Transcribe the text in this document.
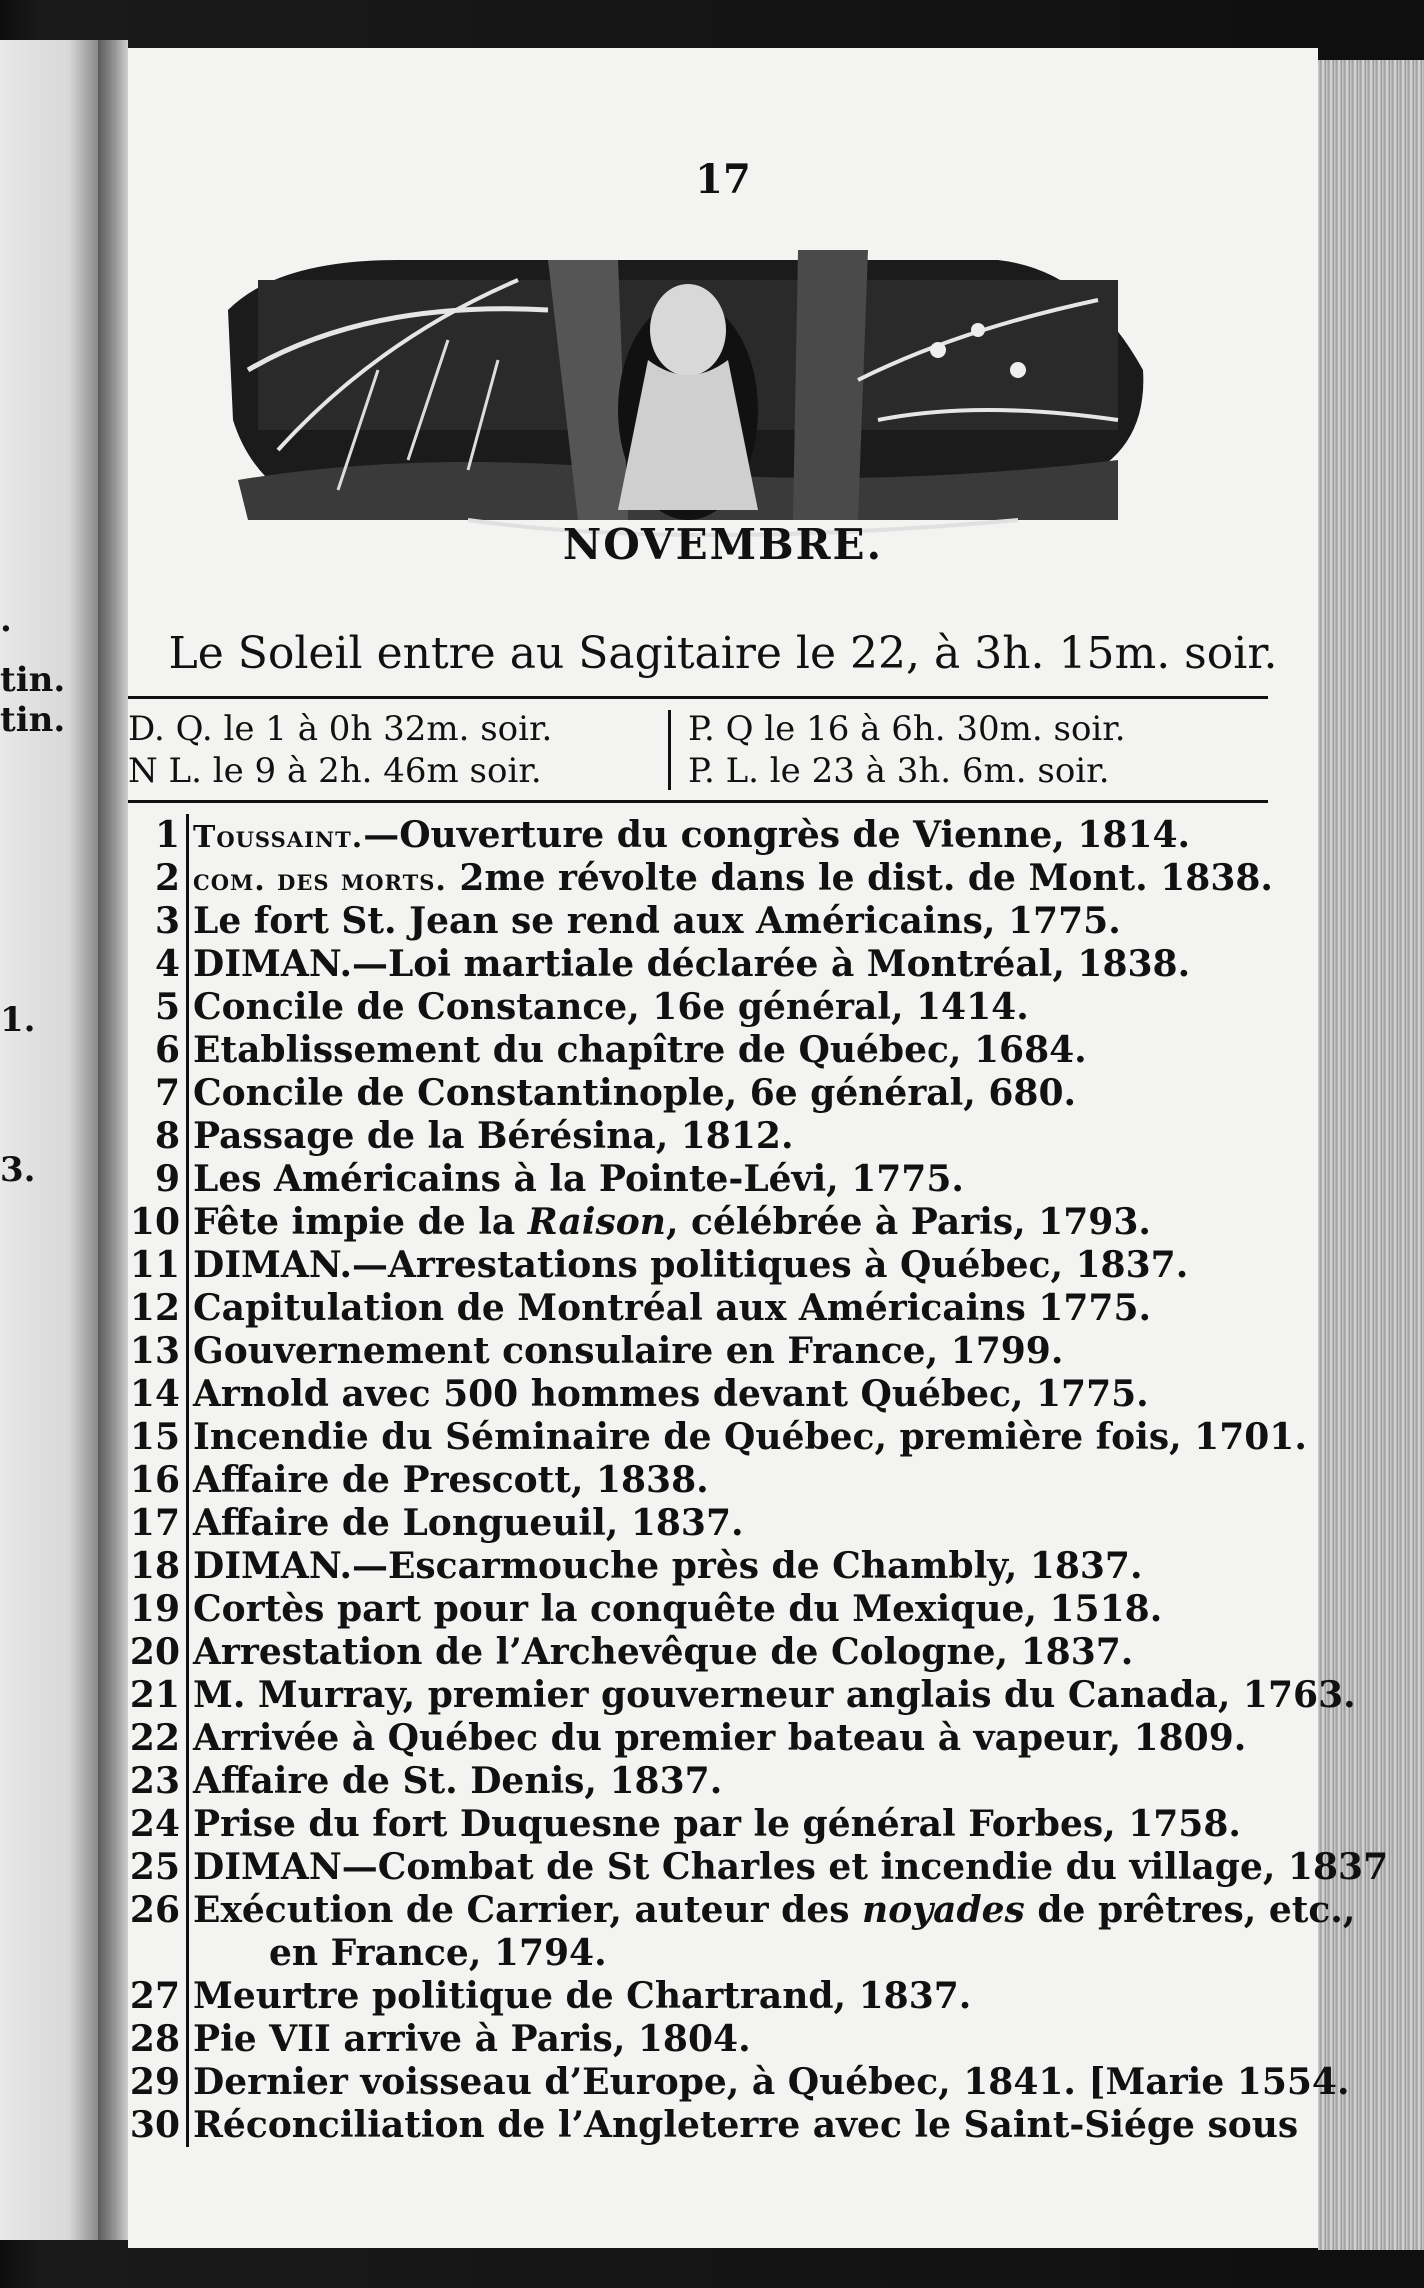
.
tin.
tin.
1.
3.
17
NOVEMBRE.
Le Soleil entre au Sagitaire le 22, à 3h. 15m. soir.
D. Q. le 1 à 0h 32m. soir.
N L. le 9 à 2h. 46m soir.
P. Q le 16 à 6h. 30m. soir.
P. L. le 23 à 3h. 6m. soir.
1 Toussaint.—Ouverture du congrès de Vienne, 1814.
2 com. des morts. 2me révolte dans le dist. de Mont. 1838.
3 Le fort St. Jean se rend aux Américains, 1775.
4 DIMAN.—Loi martiale déclarée à Montréal, 1838.
5 Concile de Constance, 16e général, 1414.
6 Etablissement du chapître de Québec, 1684.
7 Concile de Constantinople, 6e général, 680.
8 Passage de la Bérésina, 1812.
9 Les Américains à la Pointe-Lévi, 1775.
10 Fête impie de la Raison, célébrée à Paris, 1793.
11 DIMAN.—Arrestations politiques à Québec, 1837.
12 Capitulation de Montréal aux Américains 1775.
13 Gouvernement consulaire en France, 1799.
14 Arnold avec 500 hommes devant Québec, 1775.
15 Incendie du Séminaire de Québec, première fois, 1701.
16 Affaire de Prescott, 1838.
17 Affaire de Longueuil, 1837.
18 DIMAN.—Escarmouche près de Chambly, 1837.
19 Cortès part pour la conquête du Mexique, 1518.
20 Arrestation de l’Archevêque de Cologne, 1837.
21 M. Murray, premier gouverneur anglais du Canada, 1763.
22 Arrivée à Québec du premier bateau à vapeur, 1809.
23 Affaire de St. Denis, 1837.
24 Prise du fort Duquesne par le général Forbes, 1758.
25 DIMAN—Combat de St Charles et incendie du village, 1837
26 Exécution de Carrier, auteur des noyades de prêtres, etc.,
en France, 1794.
27 Meurtre politique de Chartrand, 1837.
28 Pie VII arrive à Paris, 1804.
29 Dernier voisseau d’Europe, à Québec, 1841. [Marie 1554.
30 Réconciliation de l’Angleterre avec le Saint-Siége sous
